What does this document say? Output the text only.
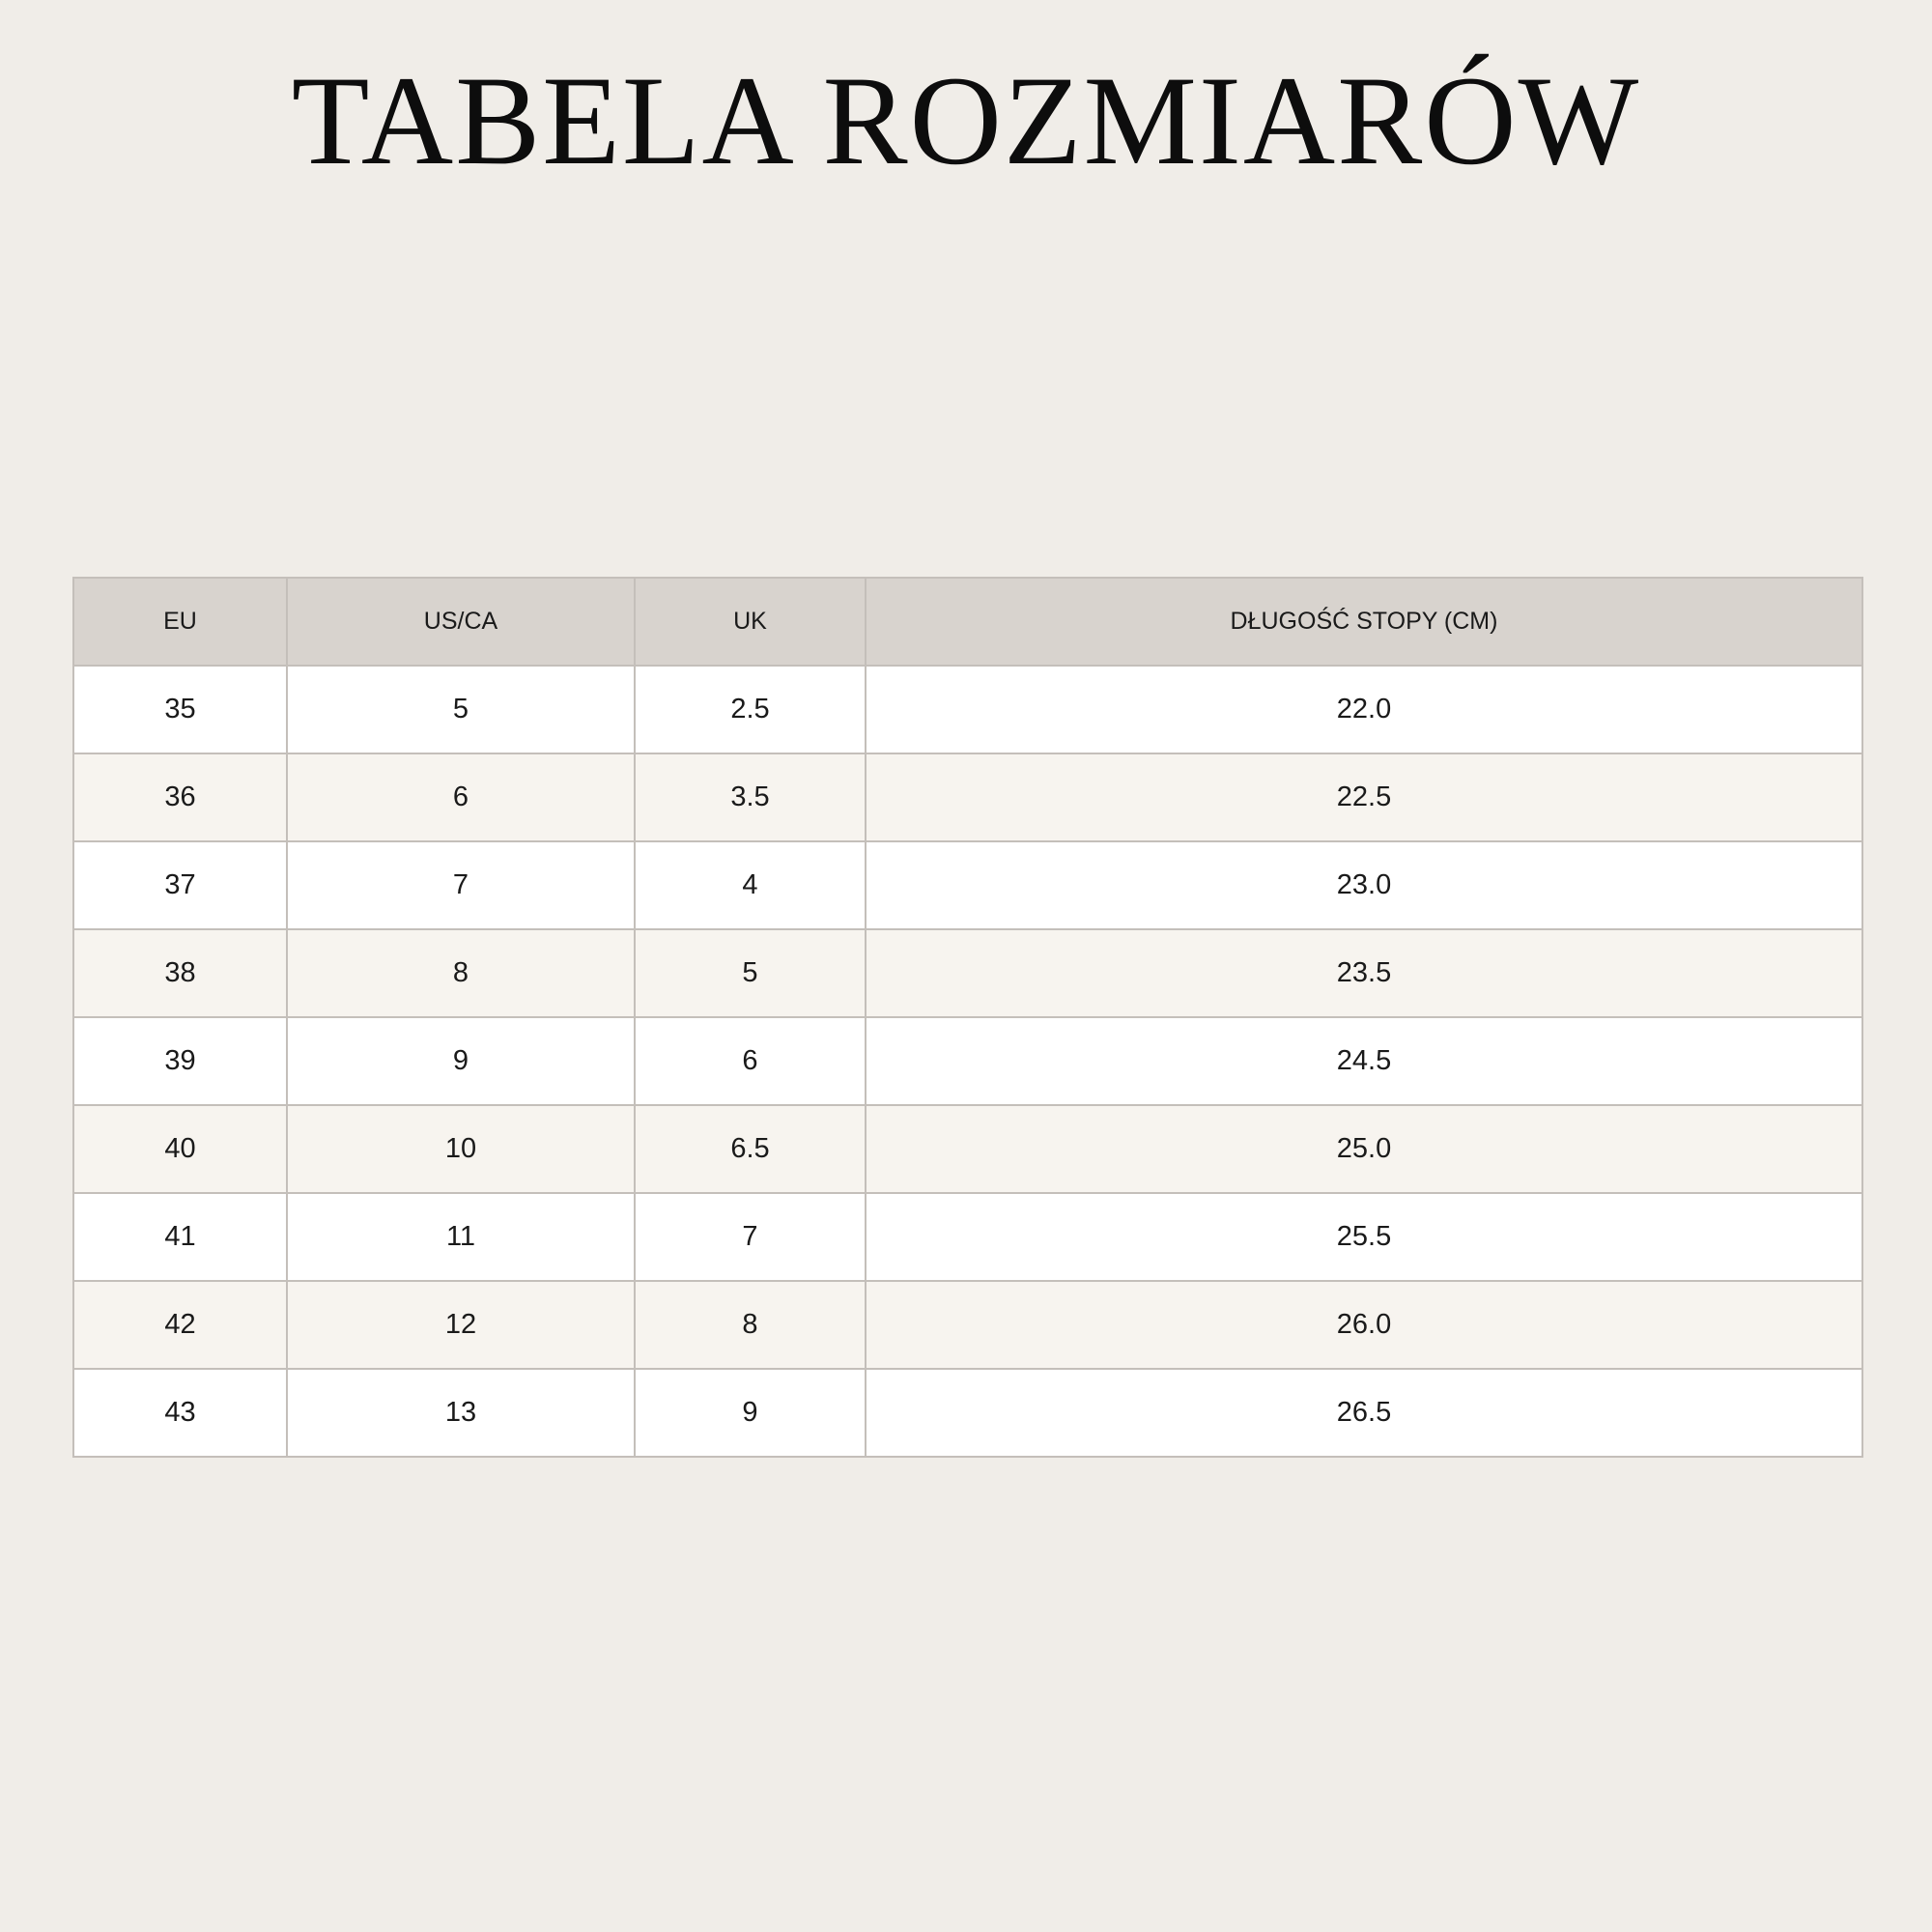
TABELA ROZMIARÓW
EU	US/CA	UK	DŁUGOŚĆ STOPY (CM)
35	5	2.5	22.0
36	6	3.5	22.5
37	7	4	23.0
38	8	5	23.5
39	9	6	24.5
40	10	6.5	25.0
41	11	7	25.5
42	12	8	26.0
43	13	9	26.5
